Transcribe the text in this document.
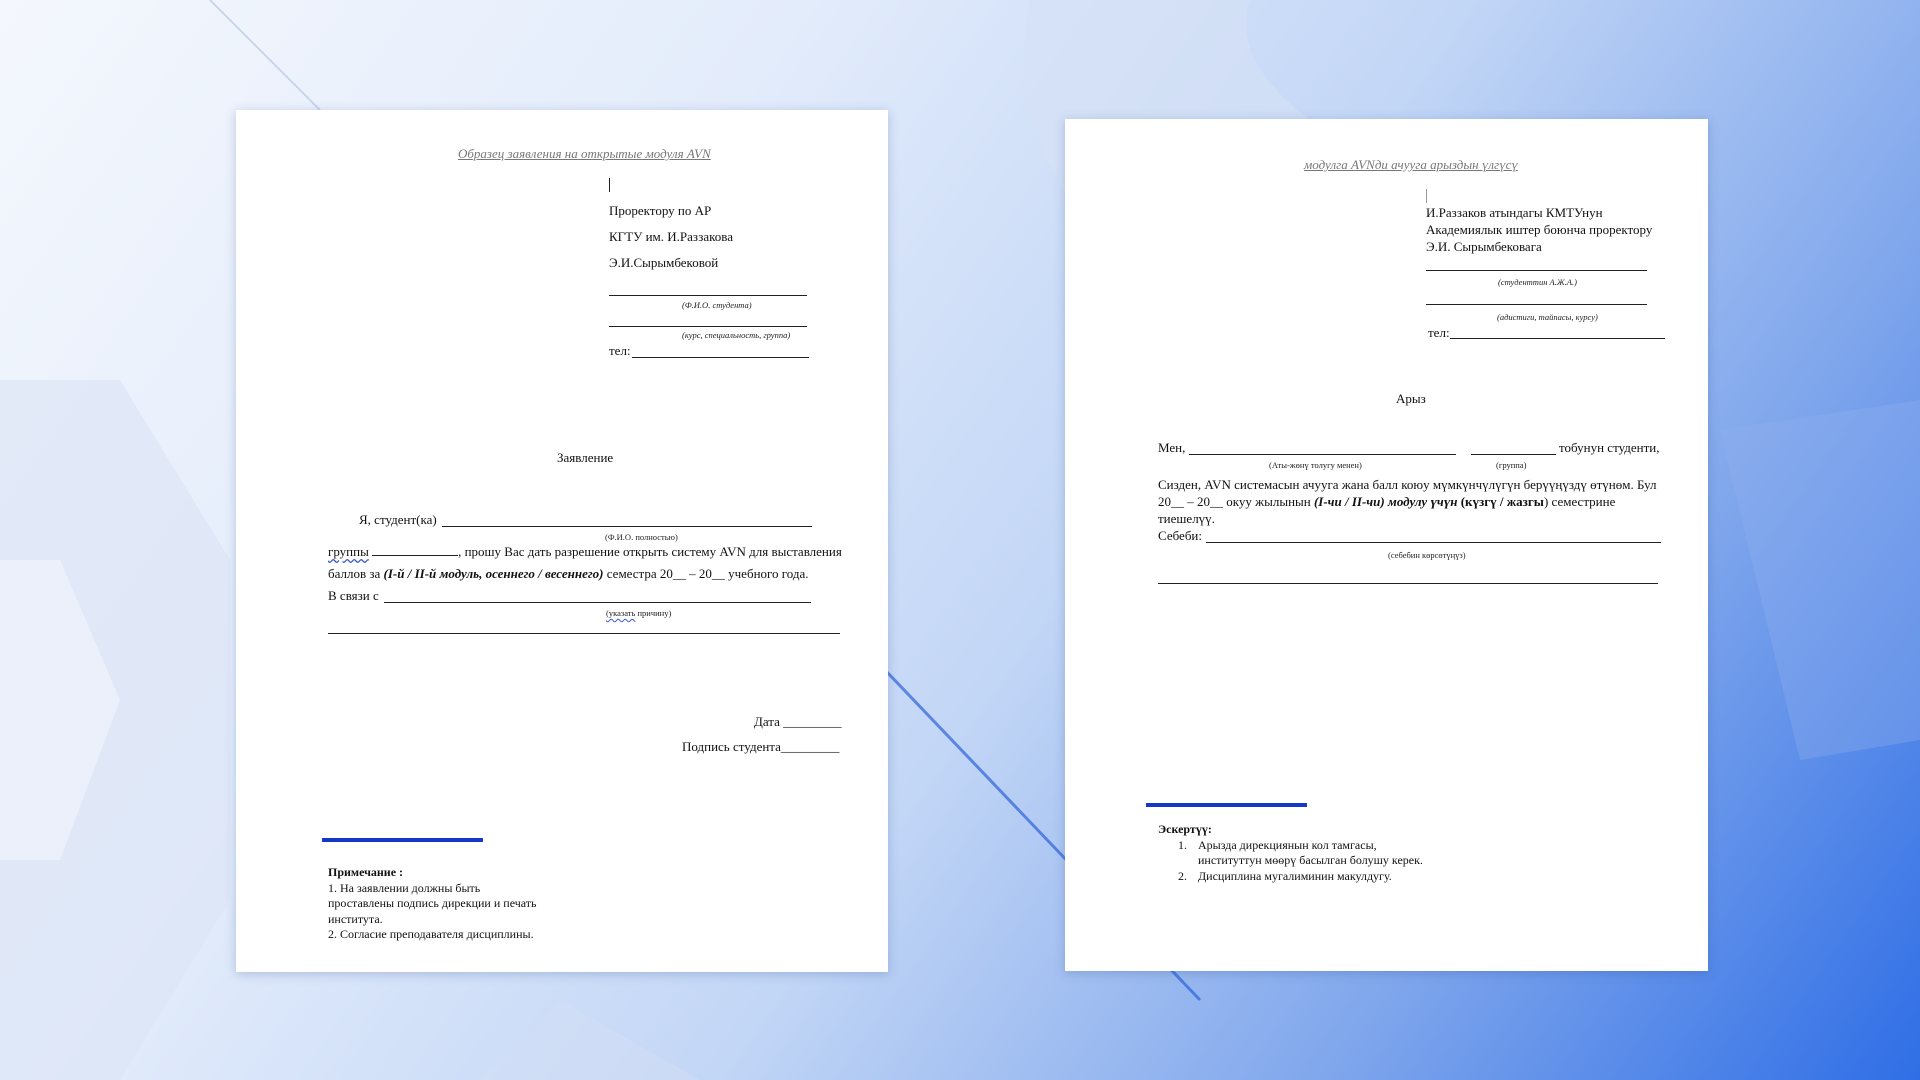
Образец заявления на открытые модуля AVN
Проректору по АР
КГТУ им. И.Раззакова
Э.И.Сырымбековой
(Ф.И.О. студента)
(курс, специальность, группа)
тел:
Заявление
Я, студент(ка)
(Ф.И.О. полностью)
группы	, прошу Вас дать разрешение открыть систему AVN для выставления
баллов за (I-й / II-й модуль, осеннего / весеннего) семестра 20__ – 20__ учебного года.
В связи с
(указать причину)
Дата _________
Подпись студента_________
Примечание :
1. На заявлении должны быть
проставлены подпись дирекции и печать
института.
2. Согласие преподавателя дисциплины.
модулга AVNди ачууга арыздын үлгүсү
И.Раззаков атындагы КМТУнун
Академиялык иштер боюнча проректору
Э.И. Сырымбековага
(студенттин А.Ж.А.)
(адистиги, тайпасы, курсу)
тел:
Арыз
Мен,	тобунун студенти,
(Аты-жөнү толугу менен)	(группа)
Сизден, AVN системасын ачууга жана балл коюу мүмкүнчүлүгүн берүүңүздү өтүнөм. Бул
20__ – 20__ окуу жылынын (I-чи / II-чи) модулу үчүн (күзгү / жазгы) семестрине
тиешелүү.
Себеби:
(себебин көрсөтүңүз)
Эскертүү:
1. Арызда дирекциянын кол тамгасы,
институттун мөөрү басылган болушу керек.
2. Дисциплина мугалиминин макулдугу.
